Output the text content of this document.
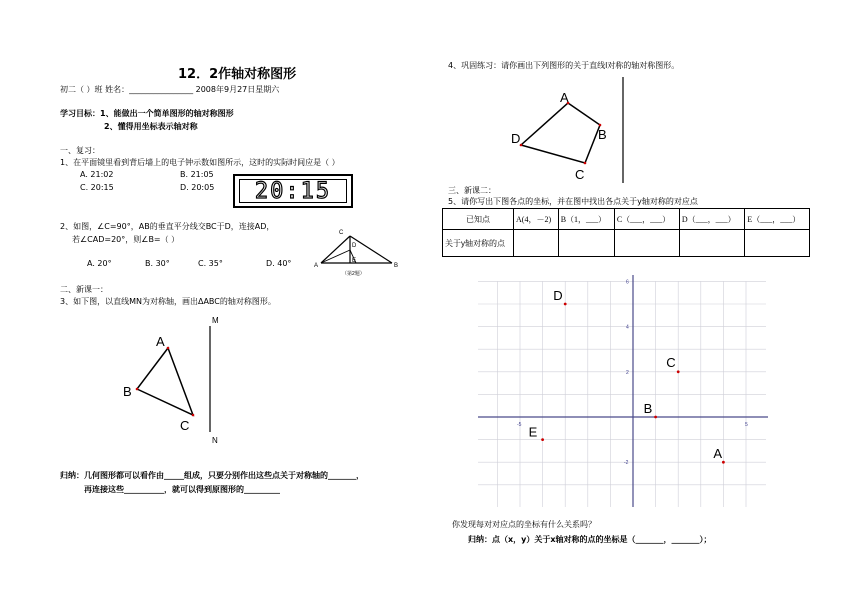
12．2作轴对称图形
初二（ ）班 姓名：________________ 2008年9月27日星期六
学习目标：1、能做出一个简单图形的轴对称图形
2、懂得用坐标表示轴对称
一、复习：
1、在平面镜里看到背后墙上的电子钟示数如图所示，这时的实际时间应是（ ）
A. 21:02	B. 21:05
C. 20:15	D. 20:05	20:15
2、如图，∠C=90°，AB的垂直平分线交BC于D，连接AD，
若∠CAD=20°，则∠B=（ ）
A. 20°	B. 30°	C. 35°	D. 40°
C
D
E
A	B
（第2题）
二、新课一：
3、如下图，以直线MN为对称轴，画出ΔABC的轴对称图形。
A
B
C
M
N
归纳：几何图形都可以看作由_____组成，只要分别作出这些点关于对称轴的_______，
再连接这些__________，就可以得到原图形的_________
4、巩固练习：请你画出下列图形的关于直线l对称的轴对称图形。
A
B
C
D
三、新课二：
5、请你写出下图各点的坐标，并在图中找出各点关于y轴对称的对应点
已知点	A(4，－2)	B（1，___）	C（___，___）	D（___，___）	E（___，___）
关于y轴对称的点					
-5	5
6
4
2
-2
A
B
C
D
E
你发现每对对应点的坐标有什么关系吗？
归纳：点（x，y）关于x轴对称的点的坐标是（_______，_______）；
